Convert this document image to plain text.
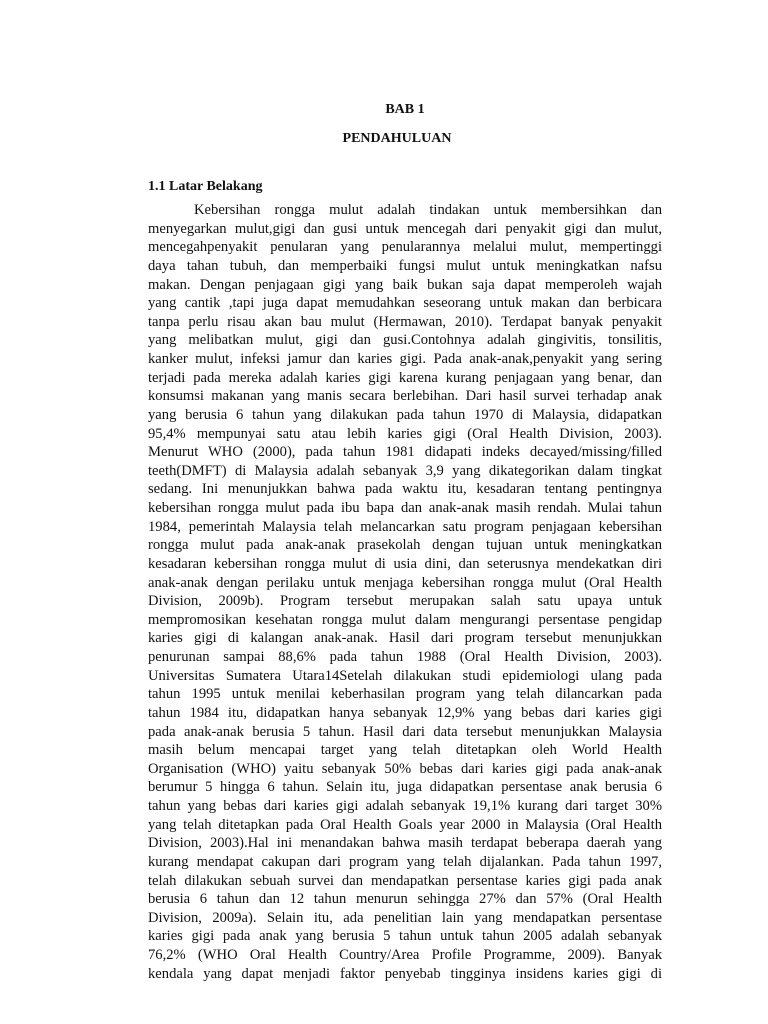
BAB 1
PENDAHULUAN
1.1 Latar Belakang
Kebersihan rongga mulut adalah tindakan untuk membersihkan dan
menyegarkan mulut,gigi dan gusi untuk mencegah dari penyakit gigi dan mulut,
mencegahpenyakit penularan yang penularannya melalui mulut, mempertinggi
daya tahan tubuh, dan memperbaiki fungsi mulut untuk meningkatkan nafsu
makan. Dengan penjagaan gigi yang baik bukan saja dapat memperoleh wajah
yang cantik ,tapi juga dapat memudahkan seseorang untuk makan dan berbicara
tanpa perlu risau akan bau mulut (Hermawan, 2010). Terdapat banyak penyakit
yang melibatkan mulut, gigi dan gusi.Contohnya adalah gingivitis, tonsilitis,
kanker mulut, infeksi jamur dan karies gigi. Pada anak-anak,penyakit yang sering
terjadi pada mereka adalah karies gigi karena kurang penjagaan yang benar, dan
konsumsi makanan yang manis secara berlebihan. Dari hasil survei terhadap anak
yang berusia 6 tahun yang dilakukan pada tahun 1970 di Malaysia, didapatkan
95,4% mempunyai satu atau lebih karies gigi (Oral Health Division, 2003).
Menurut WHO (2000), pada tahun 1981 didapati indeks decayed/missing/filled
teeth(DMFT) di Malaysia adalah sebanyak 3,9 yang dikategorikan dalam tingkat
sedang. Ini menunjukkan bahwa pada waktu itu, kesadaran tentang pentingnya
kebersihan rongga mulut pada ibu bapa dan anak-anak masih rendah. Mulai tahun
1984, pemerintah Malaysia telah melancarkan satu program penjagaan kebersihan
rongga mulut pada anak-anak prasekolah dengan tujuan untuk meningkatkan
kesadaran kebersihan rongga mulut di usia dini, dan seterusnya mendekatkan diri
anak-anak dengan perilaku untuk menjaga kebersihan rongga mulut (Oral Health
Division, 2009b). Program tersebut merupakan salah satu upaya untuk
mempromosikan kesehatan rongga mulut dalam mengurangi persentase pengidap
karies gigi di kalangan anak-anak. Hasil dari program tersebut menunjukkan
penurunan sampai 88,6% pada tahun 1988 (Oral Health Division, 2003).
Universitas Sumatera Utara14Setelah dilakukan studi epidemiologi ulang pada
tahun 1995 untuk menilai keberhasilan program yang telah dilancarkan pada
tahun 1984 itu, didapatkan hanya sebanyak 12,9% yang bebas dari karies gigi
pada anak-anak berusia 5 tahun. Hasil dari data tersebut menunjukkan Malaysia
masih belum mencapai target yang telah ditetapkan oleh World Health
Organisation (WHO) yaitu sebanyak 50% bebas dari karies gigi pada anak-anak
berumur 5 hingga 6 tahun. Selain itu, juga didapatkan persentase anak berusia 6
tahun yang bebas dari karies gigi adalah sebanyak 19,1% kurang dari target 30%
yang telah ditetapkan pada Oral Health Goals year 2000 in Malaysia (Oral Health
Division, 2003).Hal ini menandakan bahwa masih terdapat beberapa daerah yang
kurang mendapat cakupan dari program yang telah dijalankan. Pada tahun 1997,
telah dilakukan sebuah survei dan mendapatkan persentase karies gigi pada anak
berusia 6 tahun dan 12 tahun menurun sehingga 27% dan 57% (Oral Health
Division, 2009a). Selain itu, ada penelitian lain yang mendapatkan persentase
karies gigi pada anak yang berusia 5 tahun untuk tahun 2005 adalah sebanyak
76,2% (WHO Oral Health Country/Area Profile Programme, 2009). Banyak
kendala yang dapat menjadi faktor penyebab tingginya insidens karies gigi di
